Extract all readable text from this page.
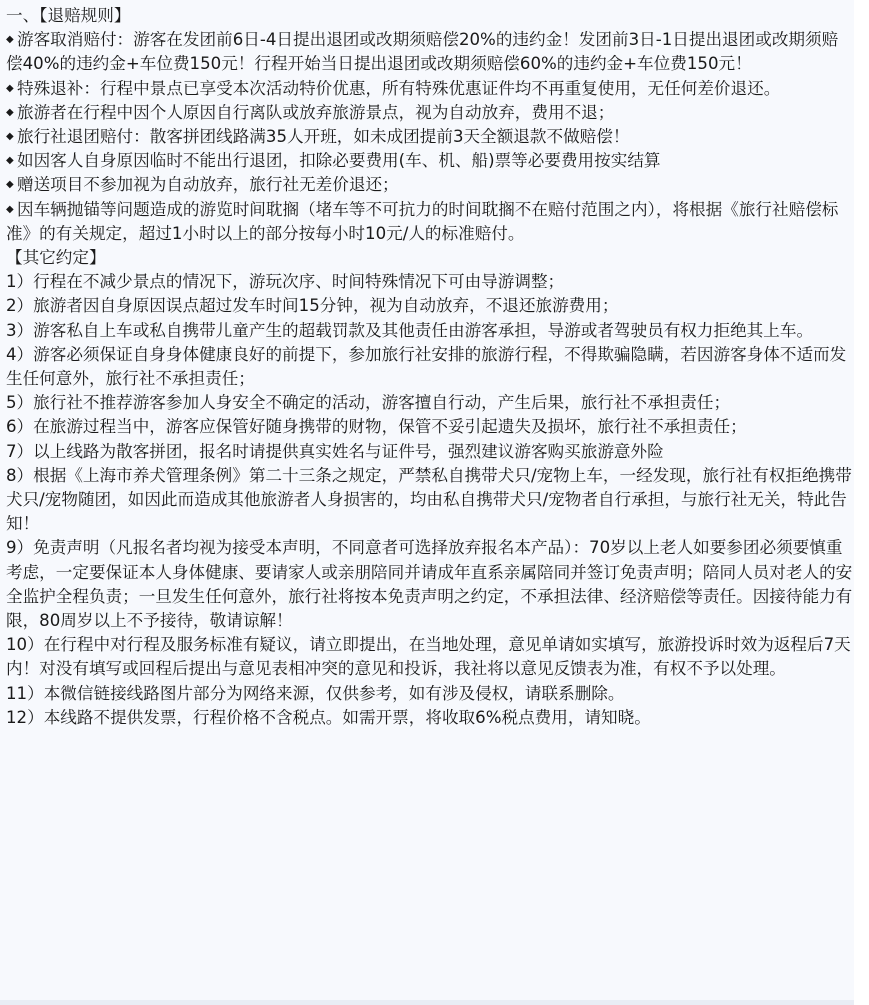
一、【退赔规则】

◆ 游客取消赔付：游客在发团前6日-4日提出退团或改期须赔偿20%的违约金！发团前3日-1日提出退团或改期须赔偿40%的违约金+车位费150元！行程开始当日提出退团或改期须赔偿60%的违约金+车位费150元！

◆ 特殊退补：行程中景点已享受本次活动特价优惠，所有特殊优惠证件均不再重复使用，无任何差价退还。

◆ 旅游者在行程中因个人原因自行离队或放弃旅游景点，视为自动放弃，费用不退；

◆ 旅行社退团赔付：散客拼团线路满35人开班，如未成团提前3天全额退款不做赔偿！

◆ 如因客人自身原因临时不能出行退团，扣除必要费用(车、机、船)票等必要费用按实结算

◆ 赠送项目不参加视为自动放弃，旅行社无差价退还；

◆ 因车辆抛锚等问题造成的游览时间耽搁（堵车等不可抗力的时间耽搁不在赔付范围之内），将根据《旅行社赔偿标准》的有关规定，超过1小时以上的部分按每小时10元/人的标准赔付。

【其它约定】

1）行程在不减少景点的情况下，游玩次序、时间特殊情况下可由导游调整；

2）旅游者因自身原因误点超过发车时间15分钟，视为自动放弃，不退还旅游费用；

3）游客私自上车或私自携带儿童产生的超载罚款及其他责任由游客承担，导游或者驾驶员有权力拒绝其上车。

4）游客必须保证自身身体健康良好的前提下，参加旅行社安排的旅游行程，不得欺骗隐瞒，若因游客身体不适而发生任何意外，旅行社不承担责任；

5）旅行社不推荐游客参加人身安全不确定的活动，游客擅自行动，产生后果，旅行社不承担责任；

6）在旅游过程当中，游客应保管好随身携带的财物，保管不妥引起遗失及损坏，旅行社不承担责任；

7）以上线路为散客拼团，报名时请提供真实姓名与证件号，强烈建议游客购买旅游意外险

8）根据《上海市养犬管理条例》第二十三条之规定，严禁私自携带犬只/宠物上车，一经发现，旅行社有权拒绝携带犬只/宠物随团，如因此而造成其他旅游者人身损害的，均由私自携带犬只/宠物者自行承担，与旅行社无关，特此告知！

9）免责声明（凡报名者均视为接受本声明，不同意者可选择放弃报名本产品）：70岁以上老人如要参团必须要慎重考虑，一定要保证本人身体健康、要请家人或亲朋陪同并请成年直系亲属陪同并签订免责声明；陪同人员对老人的安全监护全程负责；一旦发生任何意外，旅行社将按本免责声明之约定，不承担法律、经济赔偿等责任。因接待能力有限，80周岁以上不予接待，敬请谅解！

10）在行程中对行程及服务标准有疑议，请立即提出，在当地处理，意见单请如实填写，旅游投诉时效为返程后7天内！对没有填写或回程后提出与意见表相冲突的意见和投诉，我社将以意见反馈表为准，有权不予以处理。

11）本微信链接线路图片部分为网络来源，仅供参考，如有涉及侵权，请联系删除。

12）本线路不提供发票，行程价格不含税点。如需开票，将收取6%税点费用，请知晓。
